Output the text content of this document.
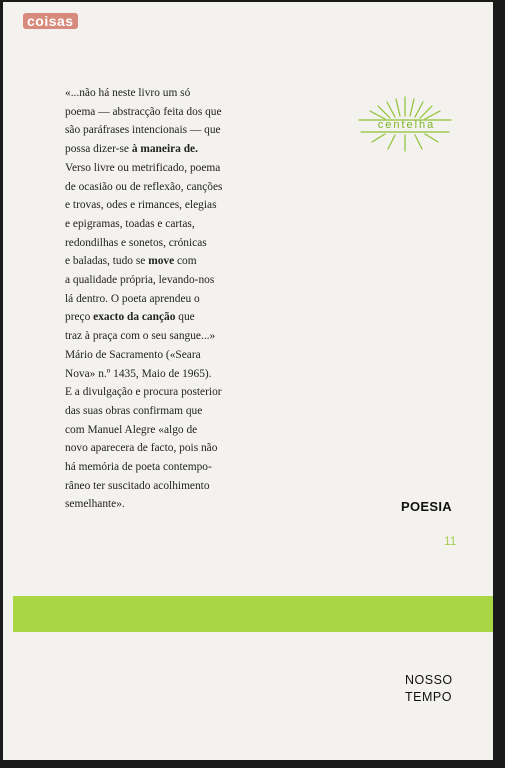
coisas
«...não há neste livro um só
poema — abstracção feita dos que
são paráfrases intencionais — que
possa dizer-se à maneira de.
Verso livre ou metrificado, poema
de ocasião ou de reflexão, canções
e trovas, odes e rimances, elegias
e epigramas, toadas e cartas,
redondilhas e sonetos, crónicas
e baladas, tudo se move com
a qualidade própria, levando-nos
lá dentro. O poeta aprendeu o
preço exacto da canção que
traz à praça com o seu sangue...»
Mário de Sacramento («Seara
Nova» n.º 1435, Maio de 1965).
E a divulgação e procura posterior
das suas obras confirmam que
com Manuel Alegre «algo de
novo aparecera de facto, pois não
há memória de poeta contempo-
râneo ter suscitado acolhimento
semelhante».
centelha
POESIA
11
NOSSO
TEMPO
